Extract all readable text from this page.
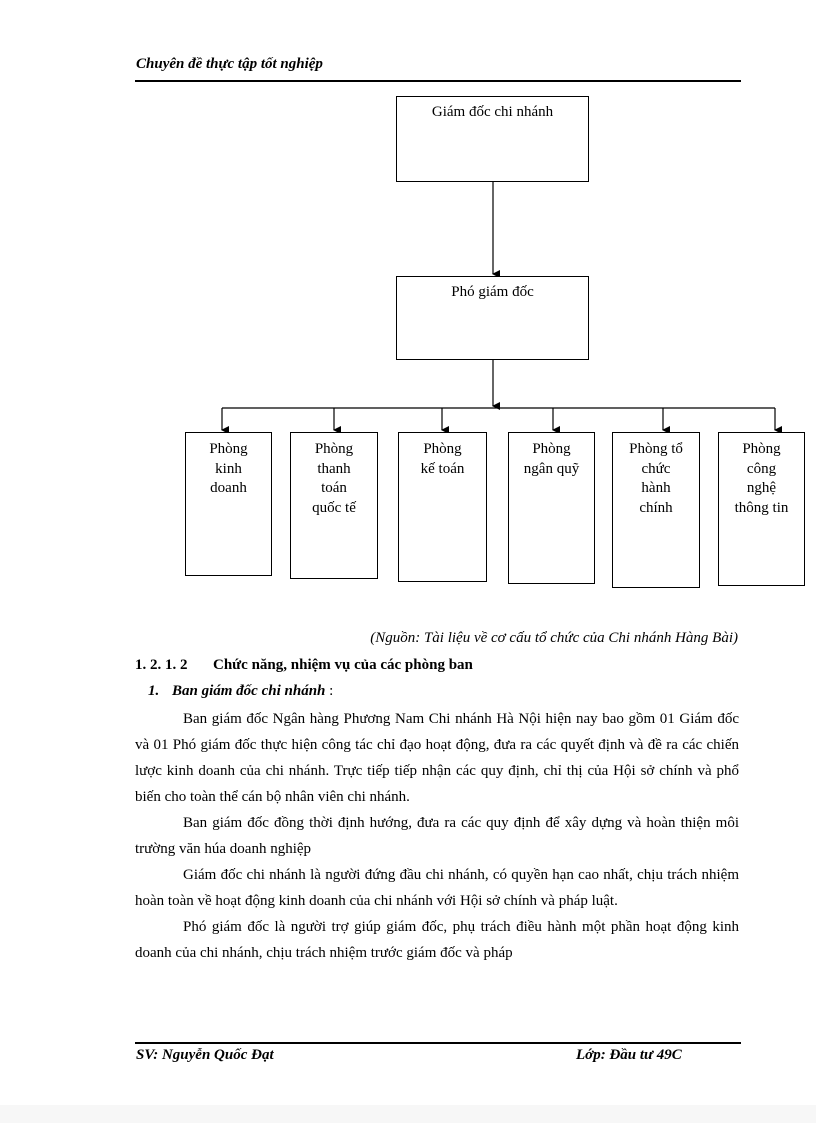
Chuyên đề thực tập tốt nghiệp
Giám đốc chi nhánh
Phó giám đốc
Phòng
kinh
doanh
Phòng
thanh
toán
quốc tế
Phòng
kế toán
Phòng
ngân quỹ
Phòng tổ
chức
hành
chính
Phòng
công
nghệ
thông tin
(Nguồn: Tài liệu về cơ cấu tổ chức của Chi nhánh Hàng Bài)
1. 2. 1. 2 Chức năng, nhiệm vụ của các phòng ban
1. Ban giám đốc chi nhánh :

Ban giám đốc Ngân hàng Phương Nam Chi nhánh Hà Nội hiện nay bao gồm 01 Giám đốc và 01 Phó giám đốc thực hiện công tác chỉ đạo hoạt động, đưa ra các quyết định và đề ra các chiến lược kinh doanh của chi nhánh. Trực tiếp tiếp nhận các quy định, chỉ thị của Hội sở chính và phổ biến cho toàn thể cán bộ nhân viên chi nhánh.

Ban giám đốc đồng thời định hướng, đưa ra các quy định để xây dựng và hoàn thiện môi trường văn húa doanh nghiệp

Giám đốc chi nhánh là người đứng đầu chi nhánh, có quyền hạn cao nhất, chịu trách nhiệm hoàn toàn về hoạt động kinh doanh của chi nhánh với Hội sở chính và pháp luật.

Phó giám đốc là người trợ giúp giám đốc, phụ trách điều hành một phần hoạt động kinh doanh của chi nhánh, chịu trách nhiệm trước giám đốc và pháp

SV: Nguyễn Quốc Đạt	Lớp: Đầu tư 49C
